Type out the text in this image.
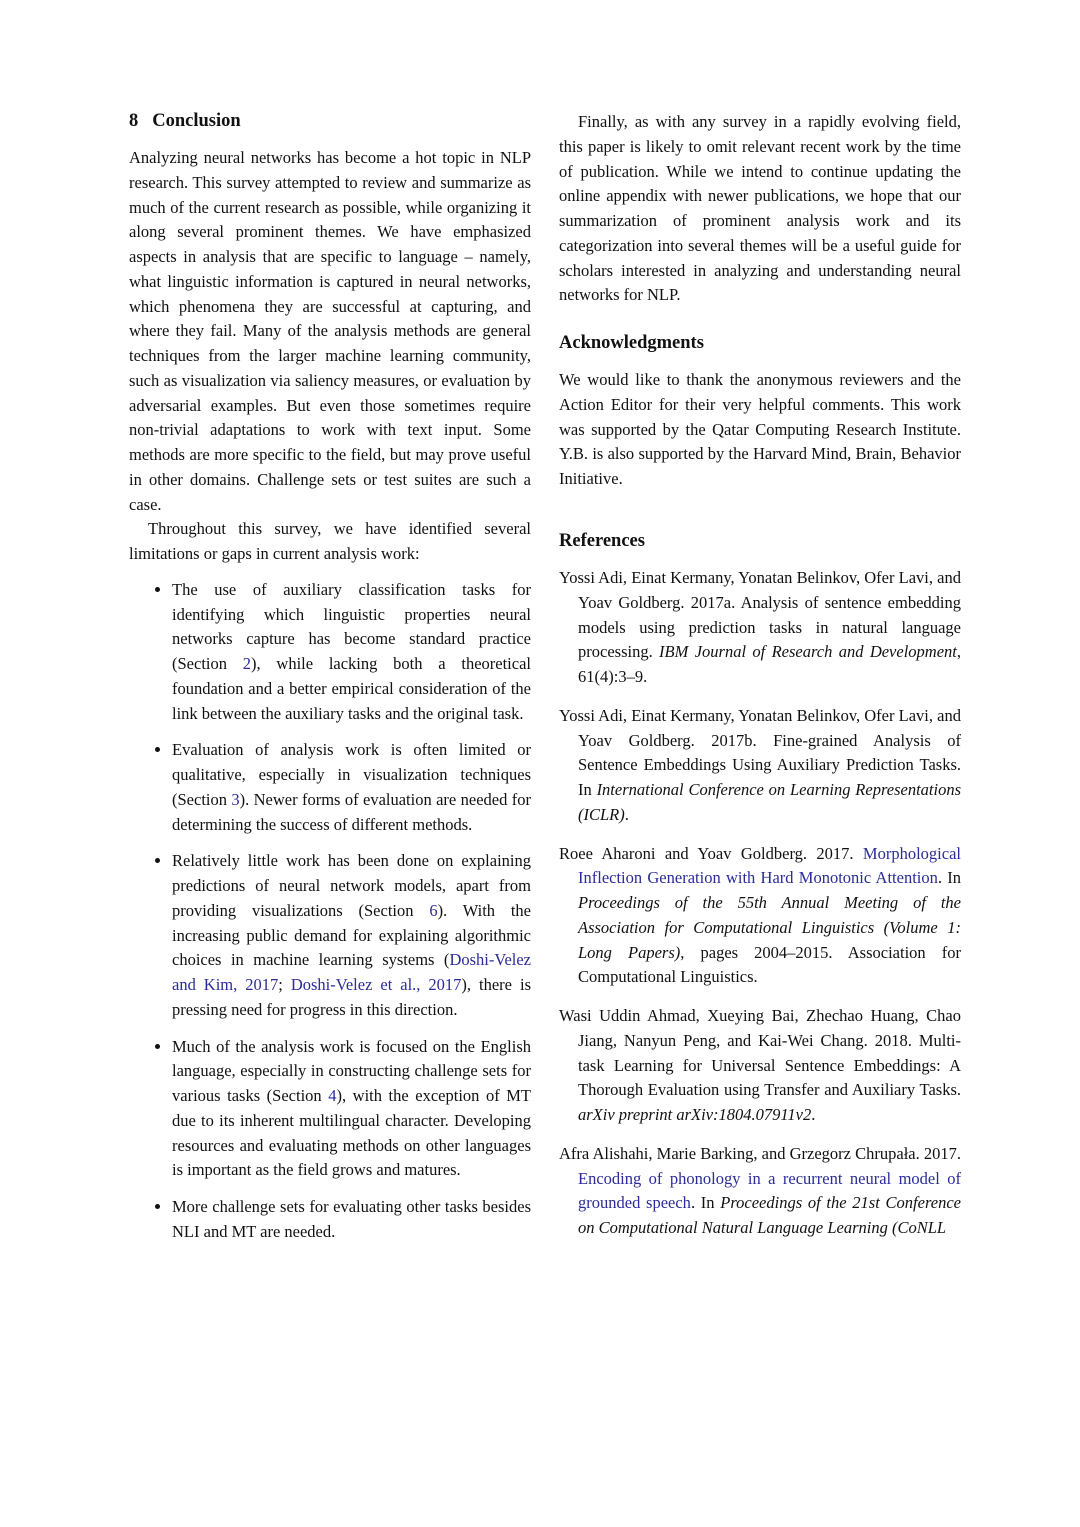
8 Conclusion

Analyzing neural networks has become a hot topic in NLP research. This survey attempted to review and summarize as much of the current research as possible, while organizing it along several prominent themes. We have emphasized aspects in analysis that are specific to language – namely, what linguistic information is captured in neural networks, which phenomena they are successful at capturing, and where they fail. Many of the analysis methods are general techniques from the larger machine learning community, such as visualization via saliency measures, or evaluation by adversarial examples. But even those sometimes require non-trivial adaptations to work with text input. Some methods are more specific to the field, but may prove useful in other domains. Challenge sets or test suites are such a case.

Throughout this survey, we have identified several limitations or gaps in current analysis work:

• The use of auxiliary classification tasks for identifying which linguistic properties neural networks capture has become standard practice (Section 2), while lacking both a theoretical foundation and a better empirical consideration of the link between the auxiliary tasks and the original task.
• Evaluation of analysis work is often limited or qualitative, especially in visualization techniques (Section 3). Newer forms of evaluation are needed for determining the success of different methods.
• Relatively little work has been done on explaining predictions of neural network models, apart from providing visualizations (Section 6). With the increasing public demand for explaining algorithmic choices in machine learning systems (Doshi-Velez and Kim, 2017; Doshi-Velez et al., 2017), there is pressing need for progress in this direction.
• Much of the analysis work is focused on the English language, especially in constructing challenge sets for various tasks (Section 4), with the exception of MT due to its inherent multilingual character. Developing resources and evaluating methods on other languages is important as the field grows and matures.
• More challenge sets for evaluating other tasks besides NLI and MT are needed.

Finally, as with any survey in a rapidly evolving field, this paper is likely to omit relevant recent work by the time of publication. While we intend to continue updating the online appendix with newer publications, we hope that our summarization of prominent analysis work and its categorization into several themes will be a useful guide for scholars interested in analyzing and understanding neural networks for NLP.

Acknowledgments

We would like to thank the anonymous reviewers and the Action Editor for their very helpful comments. This work was supported by the Qatar Computing Research Institute. Y.B. is also supported by the Harvard Mind, Brain, Behavior Initiative.

References
Yossi Adi, Einat Kermany, Yonatan Belinkov, Ofer Lavi, and Yoav Goldberg. 2017a. Analysis of sentence embedding models using prediction tasks in natural language processing. IBM Journal of Research and Development, 61(4):3–9.
Yossi Adi, Einat Kermany, Yonatan Belinkov, Ofer Lavi, and Yoav Goldberg. 2017b. Fine-grained Analysis of Sentence Embeddings Using Auxiliary Prediction Tasks. In International Conference on Learning Representations (ICLR).
Roee Aharoni and Yoav Goldberg. 2017. Morphological Inflection Generation with Hard Monotonic Attention. In Proceedings of the 55th Annual Meeting of the Association for Computational Linguistics (Volume 1: Long Papers), pages 2004–2015. Association for Computational Linguistics.
Wasi Uddin Ahmad, Xueying Bai, Zhechao Huang, Chao Jiang, Nanyun Peng, and Kai-Wei Chang. 2018. Multi-task Learning for Universal Sentence Embeddings: A Thorough Evaluation using Transfer and Auxiliary Tasks. arXiv preprint arXiv:1804.07911v2.
Afra Alishahi, Marie Barking, and Grzegorz Chrupała. 2017. Encoding of phonology in a recurrent neural model of grounded speech. In Proceedings of the 21st Conference on Computational Natural Language Learning (CoNLL
